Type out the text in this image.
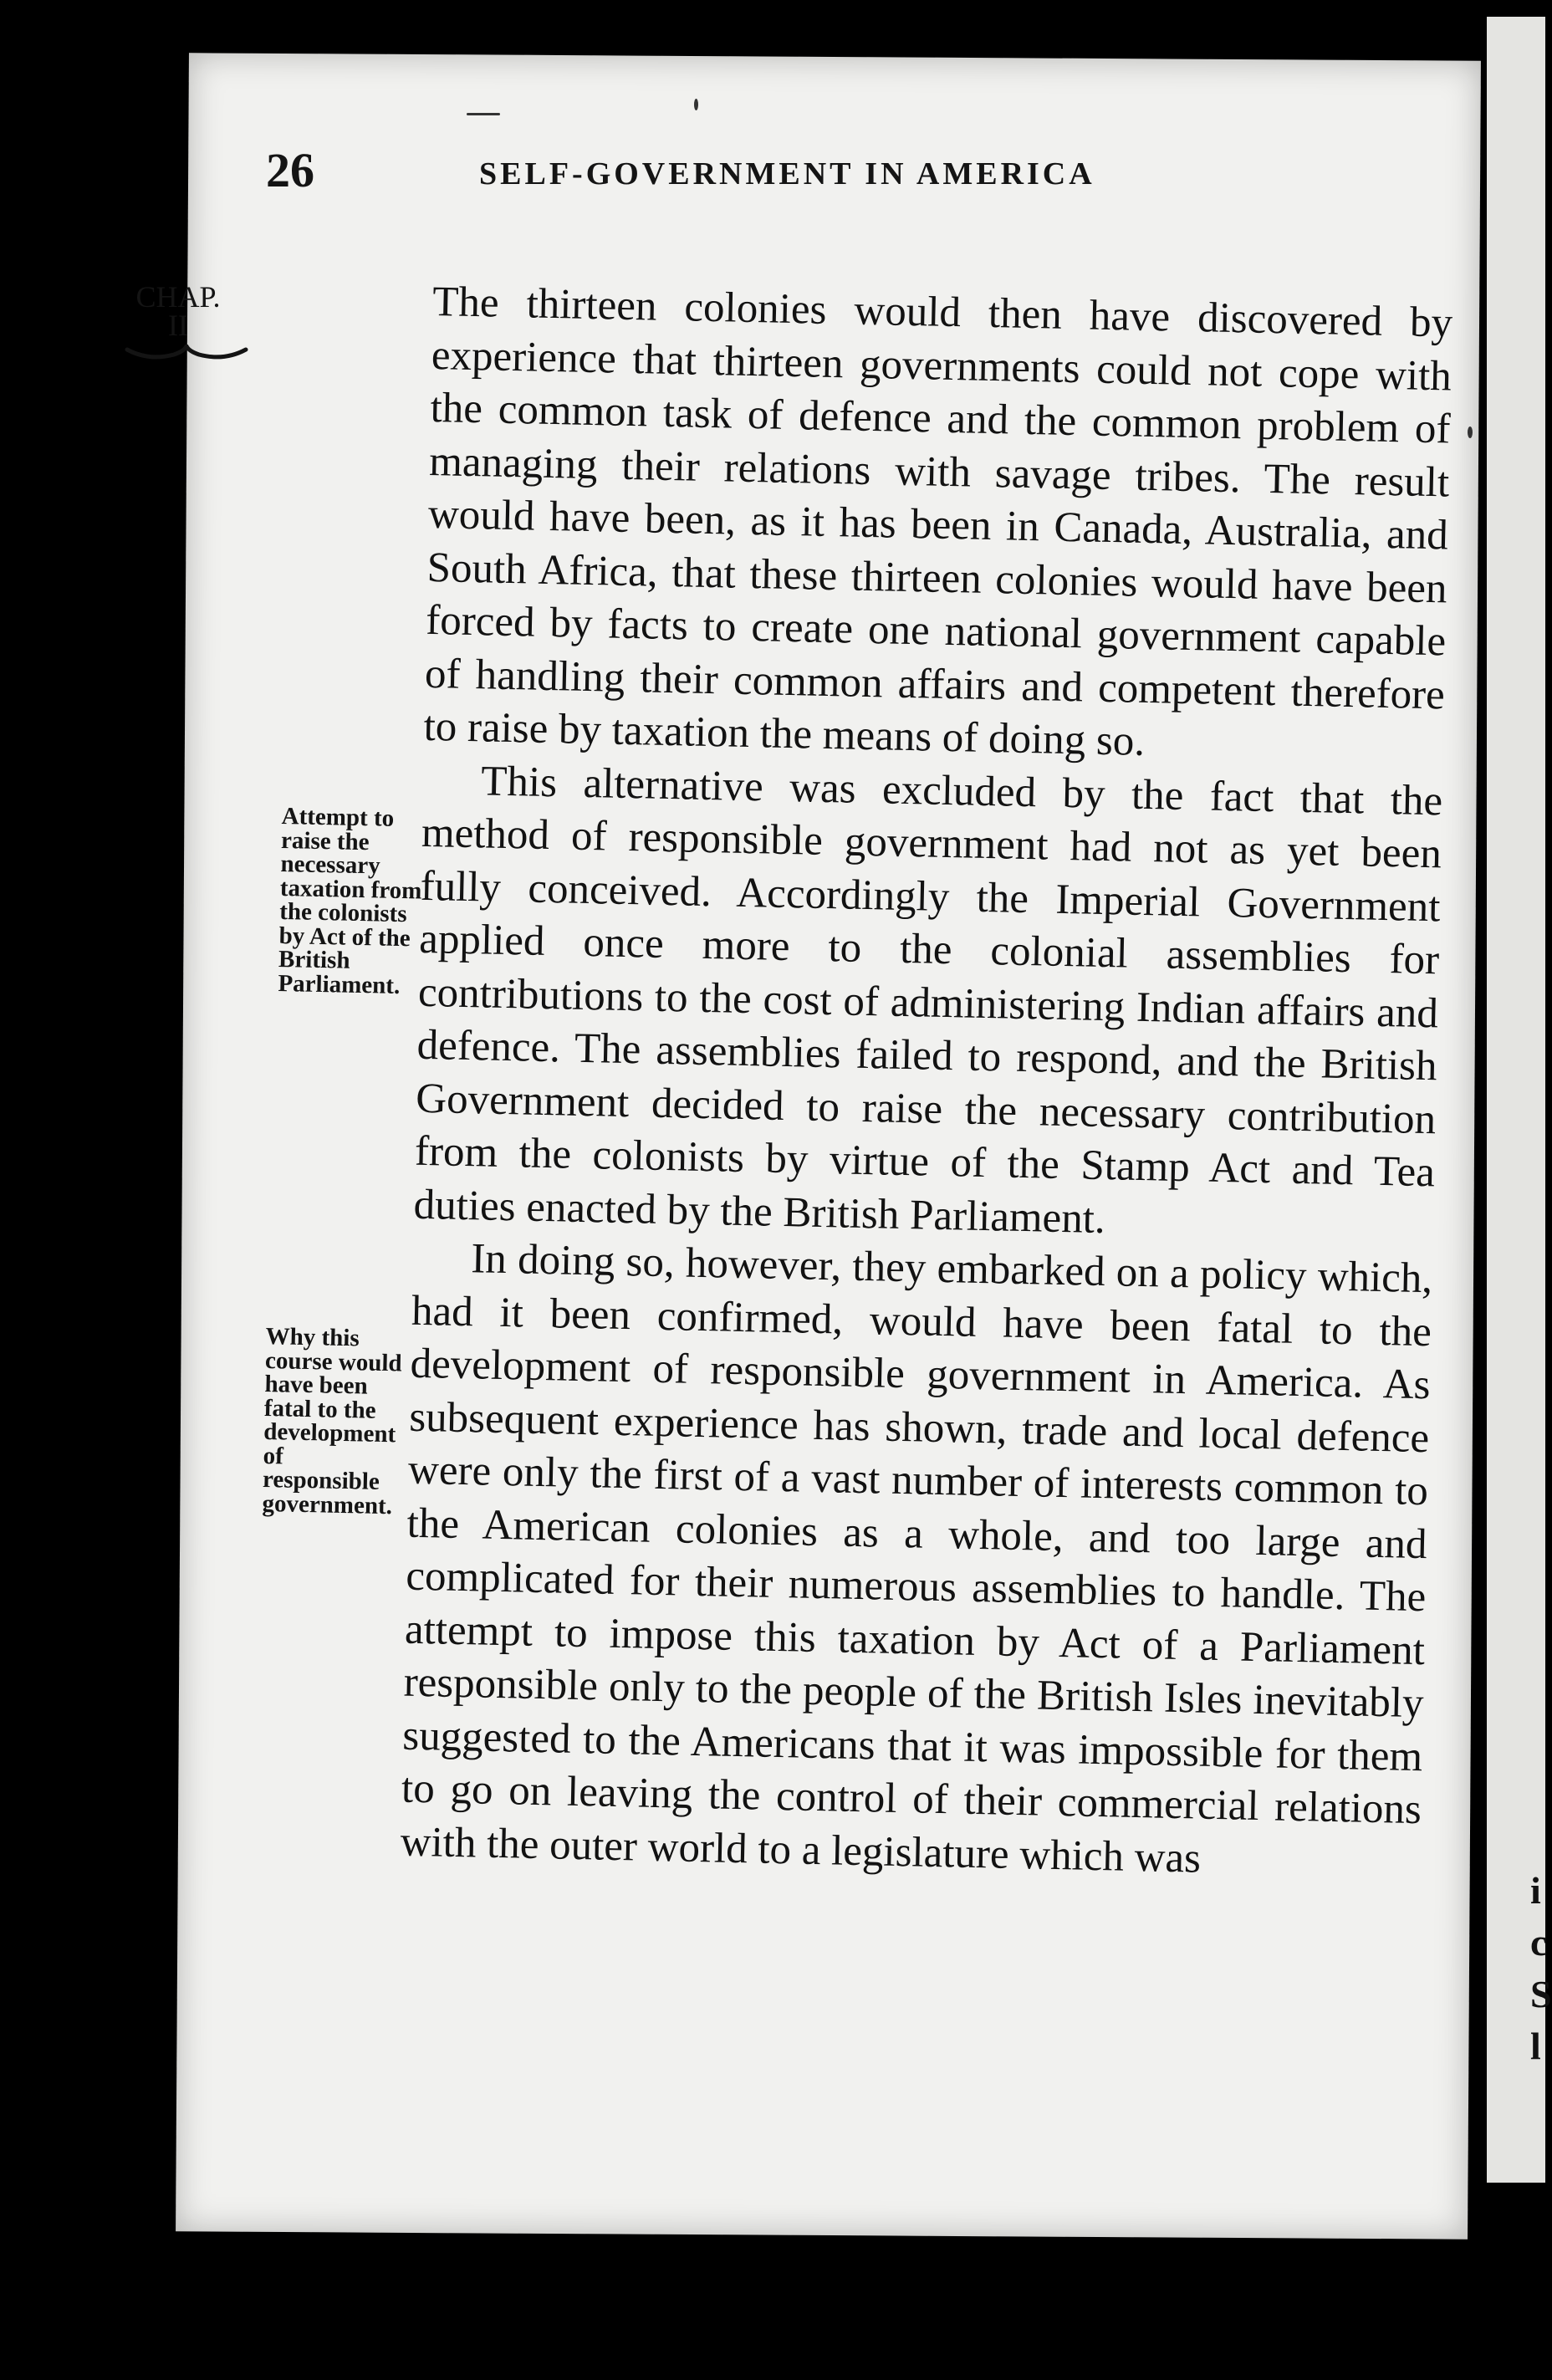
i
c
S
l
26	SELF-GOVERNMENT IN AMERICA
CHAP.
II
Attempt to raise the necessary taxation from the colonists by Act of the British Parliament.
Why this course would have been fatal to the development of responsible government.

The thirteen colonies would then have discovered by experience that thirteen governments could not cope with the common task of defence and the common problem of managing their relations with savage tribes. The result would have been, as it has been in Canada, Australia, and South Africa, that these thirteen colonies would have been forced by facts to create one national government capable of handling their common affairs and competent therefore to raise by taxation the means of doing so.

This alternative was excluded by the fact that the method of responsible government had not as yet been fully conceived. Accordingly the Imperial Government applied once more to the colonial assemblies for contributions to the cost of administering Indian affairs and defence. The assemblies failed to respond, and the British Government decided to raise the necessary contribution from the colonists by virtue of the Stamp Act and Tea duties enacted by the British Parliament.

In doing so, however, they embarked on a policy which, had it been confirmed, would have been fatal to the development of responsible government in America. As subsequent experience has shown, trade and local defence were only the first of a vast number of interests common to the American colonies as a whole, and too large and complicated for their numerous assemblies to handle. The attempt to impose this taxation by Act of a Parliament responsible only to the people of the British Isles inevitably suggested to the Americans that it was impossible for them to go on leaving the control of their commercial relations with the outer world to a legislature which was
